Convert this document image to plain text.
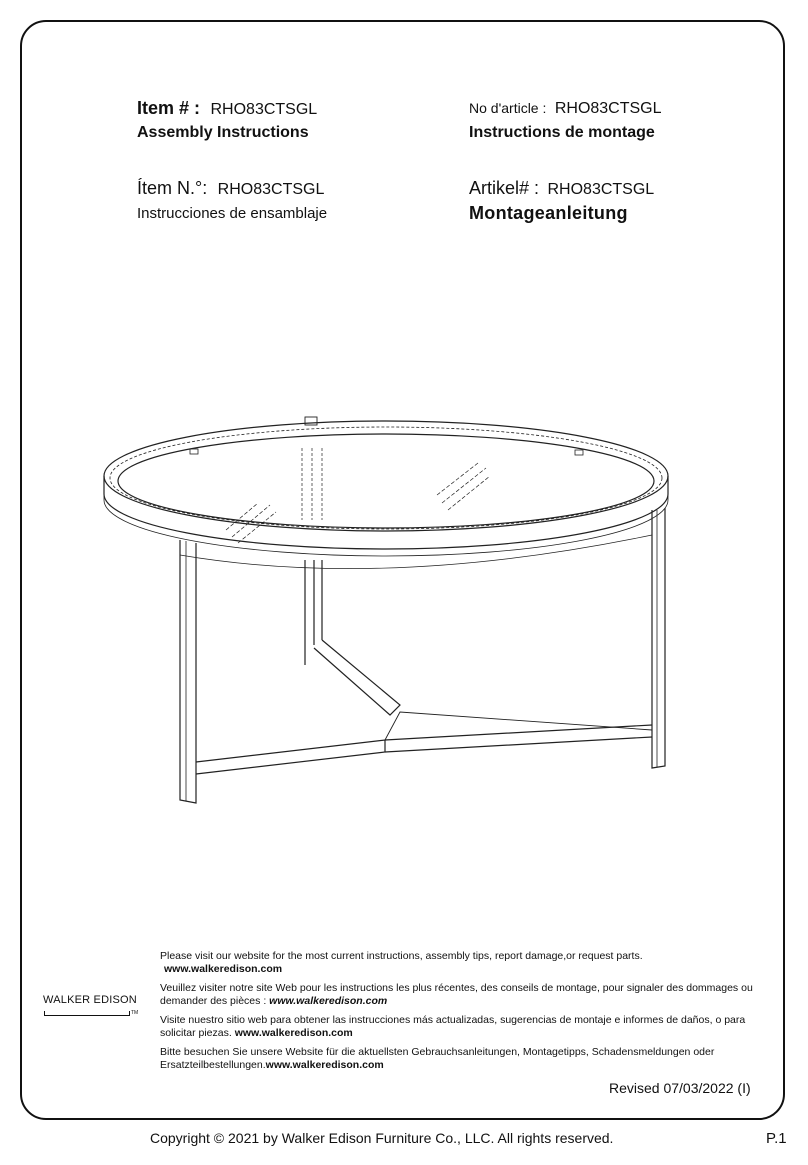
Item # : RHO83CTSGL
Assembly Instructions
No d'article : RHO83CTSGL
Instructions de montage
Ítem N.°: RHO83CTSGL
Instrucciones de ensamblaje
Artikel# : RHO83CTSGL
Montageanleitung

Please visit our website for the most current instructions, assembly tips, report damage,or request parts. www.walkeredison.com

Veuillez visiter notre site Web pour les instructions les plus récentes, des conseils de montage, pour signaler des dommages ou demander des pièces : www.walkeredison.com

Visite nuestro sitio web para obtener las instrucciones más actualizadas, sugerencias de montaje e informes de daños, o para solicitar piezas. www.walkeredison.com

Bitte besuchen Sie unsere Website für die aktuellsten Gebrauchsanleitungen, Montagetipps, Schadensmeldungen oder Ersatzteilbestellungen.www.walkeredison.com

WALKER EDISON
TM
Revised 07/03/2022 (I)
Copyright © 2021 by Walker Edison Furniture Co., LLC. All rights reserved.	P.1
